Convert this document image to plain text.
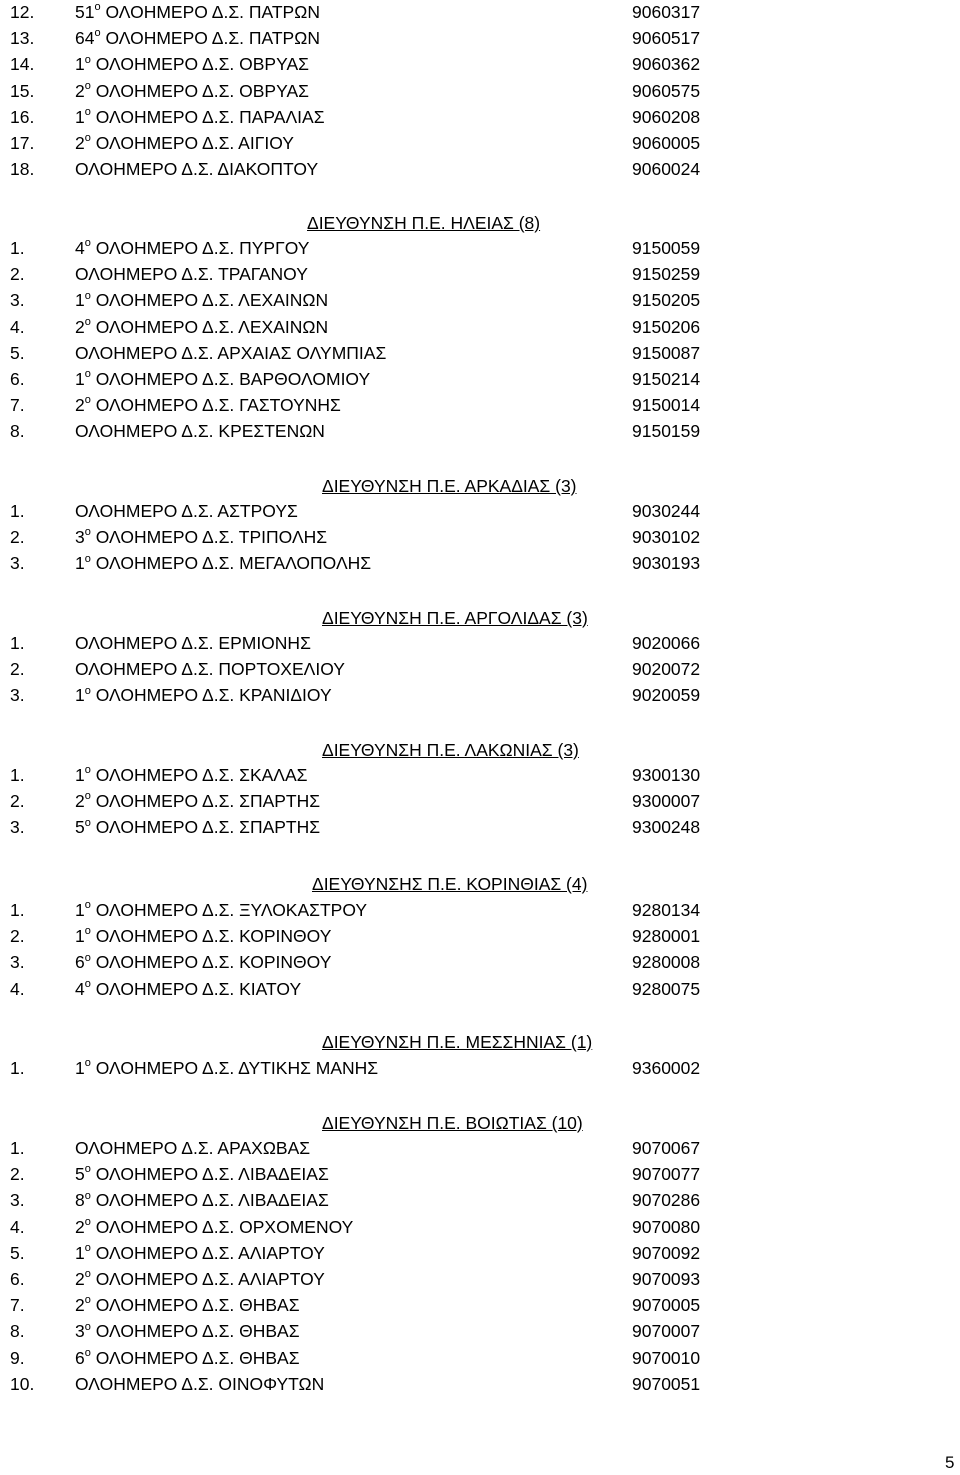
12. $51^o$ ΟΛΟΗΜΕΡΟ Δ.Σ. ΠΑΤΡΩΝ	9060317
13. $64^o$ ΟΛΟΗΜΕΡΟ Δ.Σ. ΠΑΤΡΩΝ	9060517
14. $1^o$ ΟΛΟΗΜΕΡΟ Δ.Σ. ΟΒΡΥΑΣ	9060362
15. $2^o$ ΟΛΟΗΜΕΡΟ Δ.Σ. ΟΒΡΥΑΣ	9060575
16. $1^o$ ΟΛΟΗΜΕΡΟ Δ.Σ. ΠΑΡΑΛΙΑΣ	9060208
17. $2^o$ ΟΛΟΗΜΕΡΟ Δ.Σ. ΑΙΓΙΟΥ	9060005
18. ΟΛΟΗΜΕΡΟ Δ.Σ. ΔΙΑΚΟΠΤΟΥ	9060024
ΔΙΕΥΘΥΝΣΗ Π.Ε. ΗΛΕΙΑΣ (8)
1.	$4^o$ ΟΛΟΗΜΕΡΟ Δ.Σ. ΠΥΡΓΟΥ	9150059
2.	ΟΛΟΗΜΕΡΟ Δ.Σ. ΤΡΑΓΑΝΟΥ	9150259
3.	$1^o$ ΟΛΟΗΜΕΡΟ Δ.Σ. ΛΕΧΑΙΝΩΝ	9150205
4.	$2^o$ ΟΛΟΗΜΕΡΟ Δ.Σ. ΛΕΧΑΙΝΩΝ	9150206
5.	ΟΛΟΗΜΕΡΟ Δ.Σ. ΑΡΧΑΙΑΣ ΟΛΥΜΠΙΑΣ	9150087
6.	$1^o$ ΟΛΟΗΜΕΡΟ Δ.Σ. ΒΑΡΘΟΛΟΜΙΟΥ	9150214
7.	$2^o$ ΟΛΟΗΜΕΡΟ Δ.Σ. ΓΑΣΤΟΥΝΗΣ	9150014
8.	ΟΛΟΗΜΕΡΟ Δ.Σ. ΚΡΕΣΤΕΝΩΝ	9150159
ΔΙΕΥΘΥΝΣΗ Π.Ε. ΑΡΚΑΔΙΑΣ (3)
1.	ΟΛΟΗΜΕΡΟ Δ.Σ. ΑΣΤΡΟΥΣ	9030244
2.	$3^o$ ΟΛΟΗΜΕΡΟ Δ.Σ. ΤΡΙΠΟΛΗΣ	9030102
3.	$1^o$ ΟΛΟΗΜΕΡΟ Δ.Σ. ΜΕΓΑΛΟΠΟΛΗΣ	9030193
ΔΙΕΥΘΥΝΣΗ Π.Ε. ΑΡΓΟΛΙΔΑΣ (3)
1.	ΟΛΟΗΜΕΡΟ Δ.Σ. ΕΡΜΙΟΝΗΣ	9020066
2.	ΟΛΟΗΜΕΡΟ Δ.Σ. ΠΟΡΤΟΧΕΛΙΟΥ	9020072
3.	$1^o$ ΟΛΟΗΜΕΡΟ Δ.Σ. ΚΡΑΝΙΔΙΟΥ	9020059
ΔΙΕΥΘΥΝΣΗ Π.Ε. ΛΑΚΩΝΙΑΣ (3)
1.	$1^o$ ΟΛΟΗΜΕΡΟ Δ.Σ. ΣΚΑΛΑΣ	9300130
2.	$2^o$ ΟΛΟΗΜΕΡΟ Δ.Σ. ΣΠΑΡΤΗΣ	9300007
3.	$5^o$ ΟΛΟΗΜΕΡΟ Δ.Σ. ΣΠΑΡΤΗΣ	9300248
ΔΙΕΥΘΥΝΣΗΣ Π.Ε. ΚΟΡΙΝΘΙΑΣ (4)
1.	$1^o$ ΟΛΟΗΜΕΡΟ Δ.Σ. ΞΥΛΟΚΑΣΤΡΟΥ	9280134
2.	$1^o$ ΟΛΟΗΜΕΡΟ Δ.Σ. ΚΟΡΙΝΘΟΥ	9280001
3.	$6^o$ ΟΛΟΗΜΕΡΟ Δ.Σ. ΚΟΡΙΝΘΟΥ	9280008
4.	$4^o$ ΟΛΟΗΜΕΡΟ Δ.Σ. ΚΙΑΤΟΥ	9280075
ΔΙΕΥΘΥΝΣΗ Π.Ε. ΜΕΣΣΗΝΙΑΣ (1)
1.	$1^o$ ΟΛΟΗΜΕΡΟ Δ.Σ. ΔΥΤΙΚΗΣ ΜΑΝΗΣ	9360002
ΔΙΕΥΘΥΝΣΗ Π.Ε. ΒΟΙΩΤΙΑΣ (10)
1.	ΟΛΟΗΜΕΡΟ Δ.Σ. ΑΡΑΧΩΒΑΣ	9070067
2.	$5^o$ ΟΛΟΗΜΕΡΟ Δ.Σ. ΛΙΒΑΔΕΙΑΣ	9070077
3.	$8^o$ ΟΛΟΗΜΕΡΟ Δ.Σ. ΛΙΒΑΔΕΙΑΣ	9070286
4.	$2^o$ ΟΛΟΗΜΕΡΟ Δ.Σ. ΟΡΧΟΜΕΝΟΥ	9070080
5.	$1^o$ ΟΛΟΗΜΕΡΟ Δ.Σ. ΑΛΙΑΡΤΟΥ	9070092
6.	$2^o$ ΟΛΟΗΜΕΡΟ Δ.Σ. ΑΛΙΑΡΤΟΥ	9070093
7.	$2^o$ ΟΛΟΗΜΕΡΟ Δ.Σ. ΘΗΒΑΣ	9070005
8.	$3^o$ ΟΛΟΗΜΕΡΟ Δ.Σ. ΘΗΒΑΣ	9070007
9.	$6^o$ ΟΛΟΗΜΕΡΟ Δ.Σ. ΘΗΒΑΣ	9070010
10. ΟΛΟΗΜΕΡΟ Δ.Σ. ΟΙΝΟΦΥΤΩΝ	9070051
5
